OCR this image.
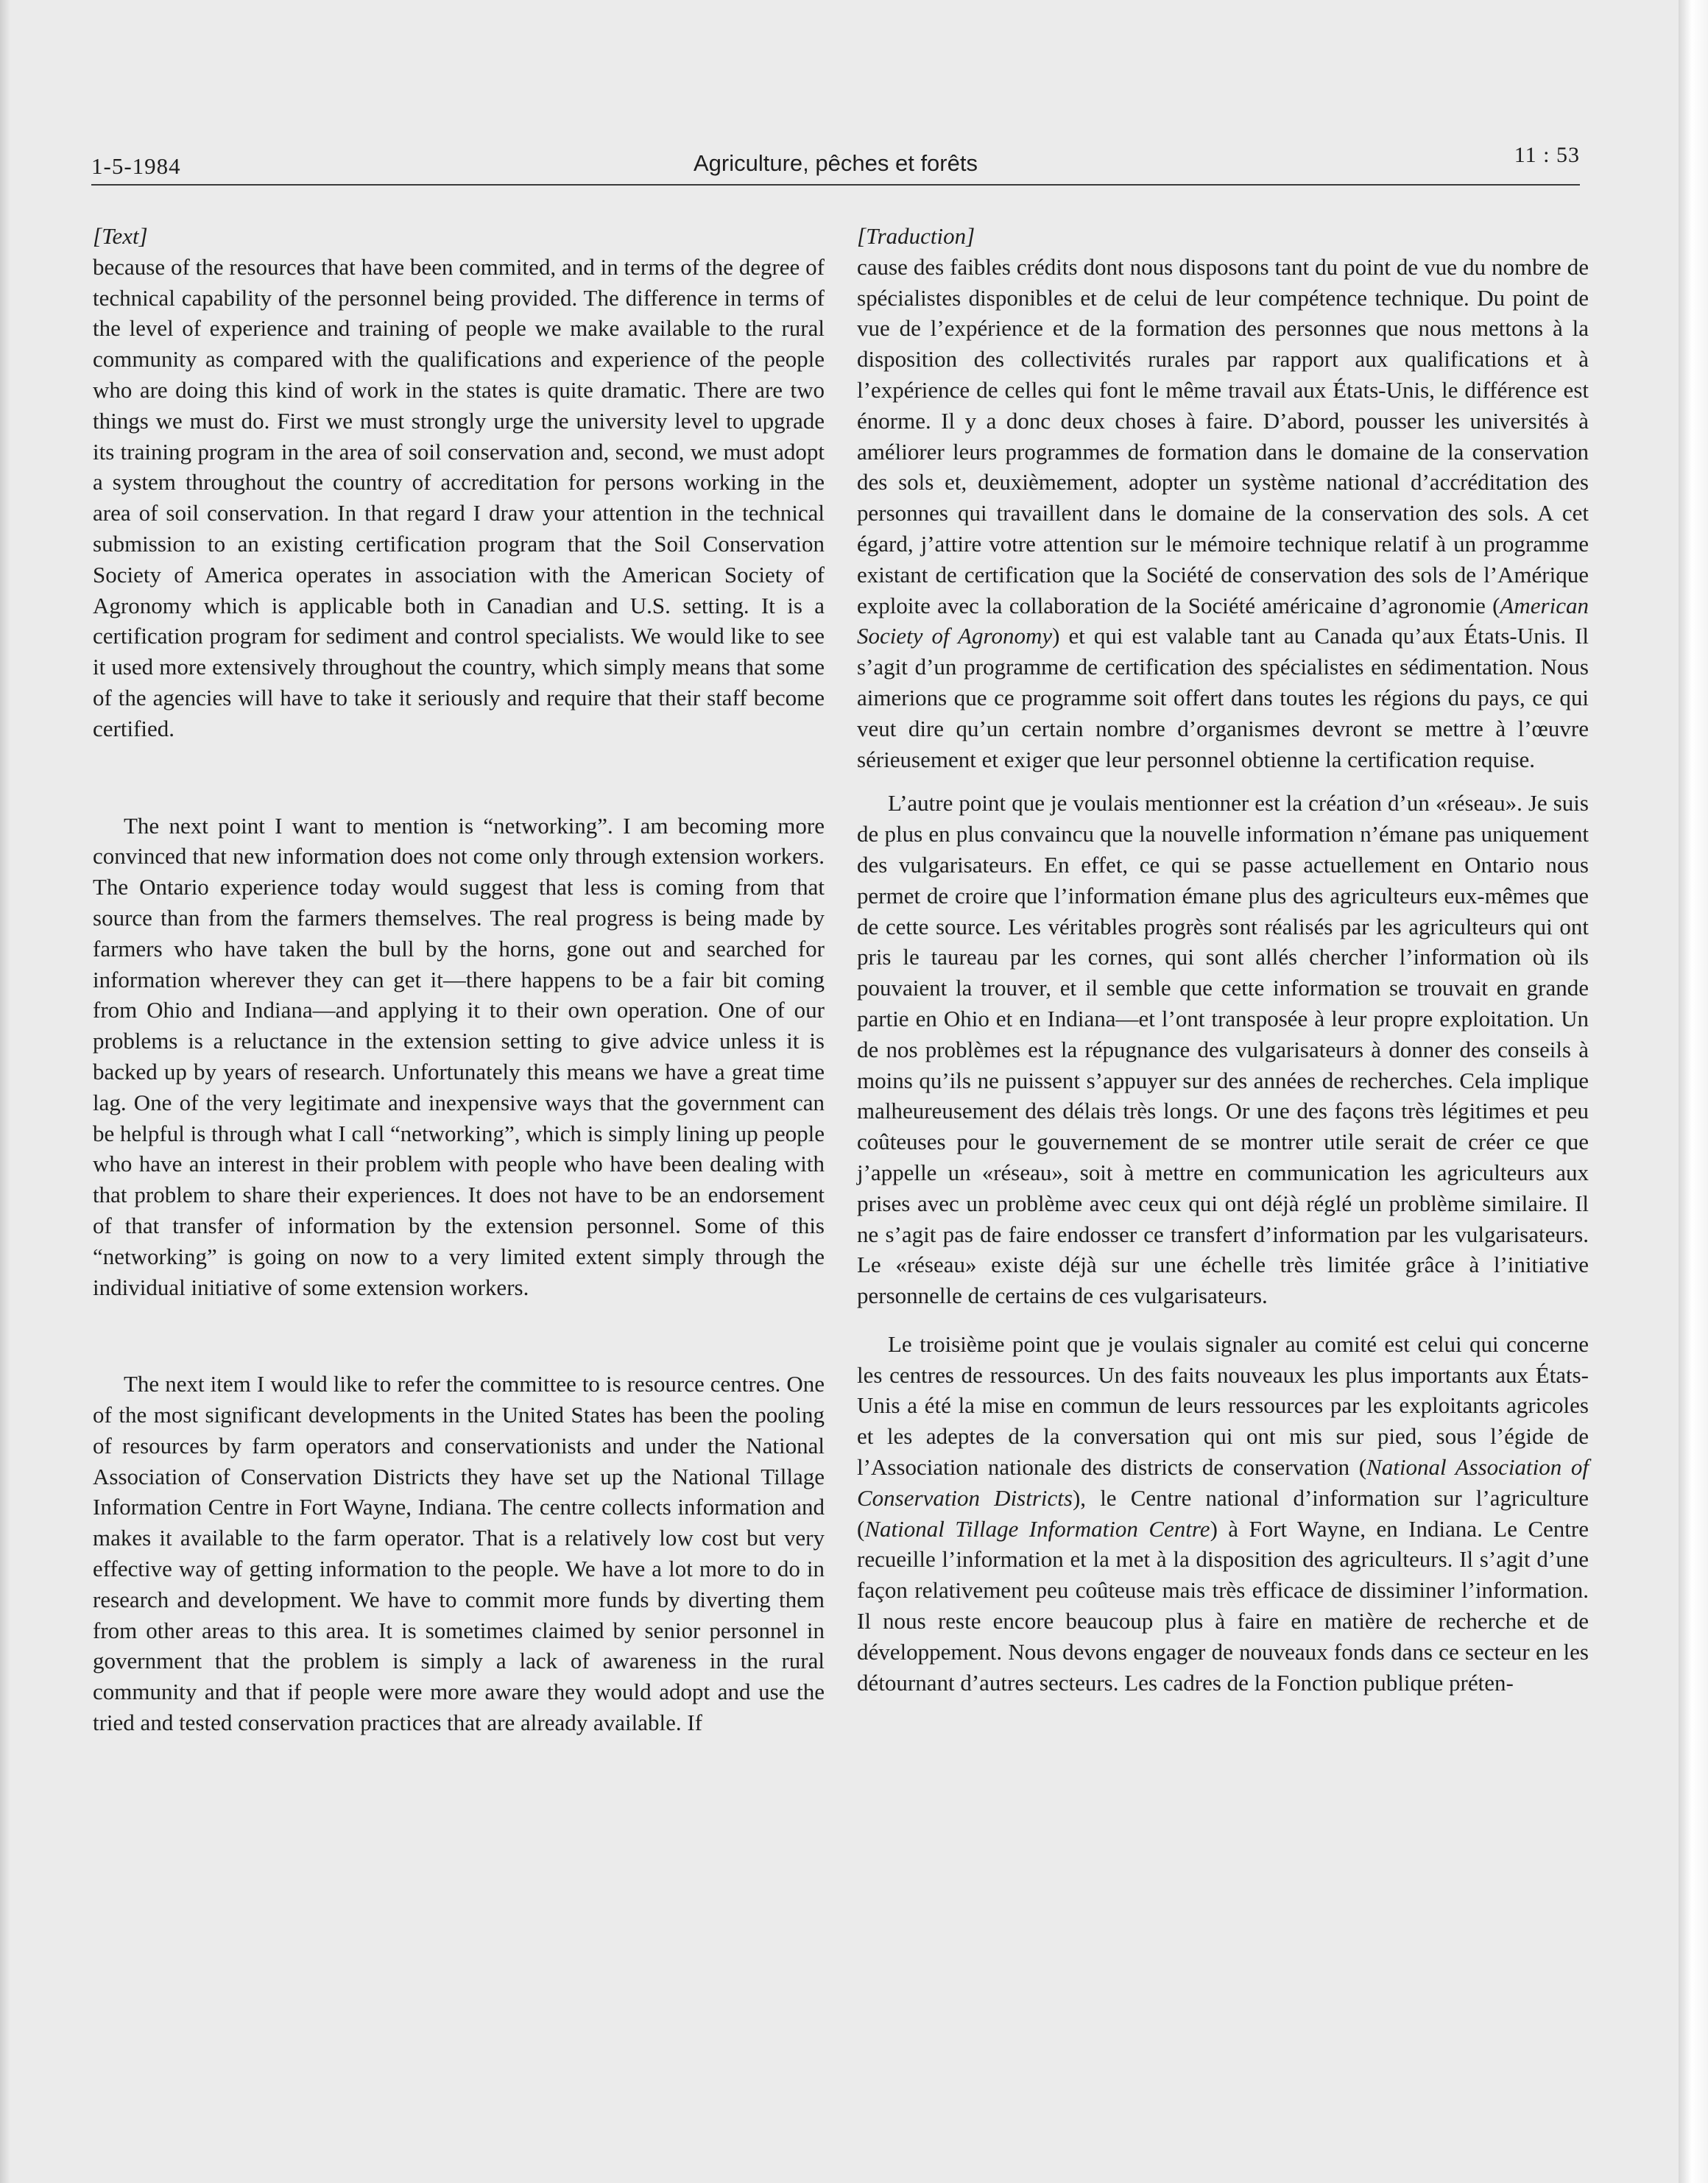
1-5-1984	Agriculture, pêches et forêts	11 : 53

[Text]

because of the resources that have been commited, and in terms of the degree of technical capability of the personnel being provided. The difference in terms of the level of experience and training of people we make available to the rural community as compared with the qualifications and experience of the people who are doing this kind of work in the states is quite dramatic. There are two things we must do. First we must strongly urge the university level to upgrade its training program in the area of soil conservation and, second, we must adopt a system throughout the country of accreditation for persons working in the area of soil conservation. In that regard I draw your attention in the technical submission to an existing certification program that the Soil Conservation Society of America operates in association with the American Society of Agronomy which is applicable both in Canadian and U.S. setting. It is a certification program for sediment and control specialists. We would like to see it used more extensively throughout the country, which simply means that some of the agencies will have to take it seriously and require that their staff become certified.

The next point I want to mention is “networking”. I am becoming more convinced that new information does not come only through extension workers. The Ontario experience today would suggest that less is coming from that source than from the farmers themselves. The real progress is being made by farmers who have taken the bull by the horns, gone out and searched for information wherever they can get it—there happens to be a fair bit coming from Ohio and Indiana—and applying it to their own operation. One of our problems is a reluctance in the extension setting to give advice unless it is backed up by years of research. Unfortunately this means we have a great time lag. One of the very legitimate and inexpensive ways that the government can be helpful is through what I call “networking”, which is simply lining up people who have an interest in their problem with people who have been dealing with that problem to share their experiences. It does not have to be an endorsement of that transfer of information by the extension personnel. Some of this “networking” is going on now to a very limited extent simply through the individual initiative of some extension workers.

The next item I would like to refer the committee to is resource centres. One of the most significant developments in the United States has been the pooling of resources by farm operators and conservationists and under the National Association of Conservation Districts they have set up the National Tillage Information Centre in Fort Wayne, Indiana. The centre collects information and makes it available to the farm operator. That is a relatively low cost but very effective way of getting information to the people. We have a lot more to do in research and development. We have to commit more funds by diverting them from other areas to this area. It is sometimes claimed by senior personnel in government that the problem is simply a lack of awareness in the rural community and that if people were more aware they would adopt and use the tried and tested conservation practices that are already available. If

[Traduction]

cause des faibles crédits dont nous disposons tant du point de vue du nombre de spécialistes disponibles et de celui de leur compétence technique. Du point de vue de l’expérience et de la formation des personnes que nous mettons à la disposition des collectivités rurales par rapport aux qualifications et à l’expérience de celles qui font le même travail aux États-Unis, le différence est énorme. Il y a donc deux choses à faire. D’abord, pousser les universités à améliorer leurs programmes de formation dans le domaine de la conservation des sols et, deuxièmement, adopter un système national d’accréditation des personnes qui travaillent dans le domaine de la conservation des sols. A cet égard, j’attire votre attention sur le mémoire technique relatif à un programme existant de certification que la Société de conservation des sols de l’Amérique exploite avec la collaboration de la Société américaine d’agronomie (American Society of Agronomy) et qui est valable tant au Canada qu’aux États-Unis. Il s’agit d’un programme de certification des spécialistes en sédimentation. Nous aimerions que ce programme soit offert dans toutes les régions du pays, ce qui veut dire qu’un certain nombre d’organismes devront se mettre à l’œuvre sérieusement et exiger que leur personnel obtienne la certification requise.

L’autre point que je voulais mentionner est la création d’un «réseau». Je suis de plus en plus convaincu que la nouvelle information n’émane pas uniquement des vulgarisateurs. En effet, ce qui se passe actuellement en Ontario nous permet de croire que l’information émane plus des agriculteurs eux-mêmes que de cette source. Les véritables progrès sont réalisés par les agriculteurs qui ont pris le taureau par les cornes, qui sont allés chercher l’information où ils pouvaient la trouver, et il semble que cette information se trouvait en grande partie en Ohio et en Indiana—et l’ont transposée à leur propre exploitation. Un de nos problèmes est la répugnance des vulgarisateurs à donner des conseils à moins qu’ils ne puissent s’appuyer sur des années de recherches. Cela implique malheureusement des délais très longs. Or une des façons très légitimes et peu coûteuses pour le gouvernement de se montrer utile serait de créer ce que j’appelle un «réseau», soit à mettre en communication les agriculteurs aux prises avec un problème avec ceux qui ont déjà réglé un problème similaire. Il ne s’agit pas de faire endosser ce transfert d’information par les vulgarisateurs. Le «réseau» existe déjà sur une échelle très limitée grâce à l’initiative personnelle de certains de ces vulgarisateurs.

Le troisième point que je voulais signaler au comité est celui qui concerne les centres de ressources. Un des faits nouveaux les plus importants aux États-Unis a été la mise en commun de leurs ressources par les exploitants agricoles et les adeptes de la conversation qui ont mis sur pied, sous l’égide de l’Association nationale des districts de conservation (National Association of Conservation Districts), le Centre national d’information sur l’agriculture (National Tillage Information Centre) à Fort Wayne, en Indiana. Le Centre recueille l’information et la met à la disposition des agriculteurs. Il s’agit d’une façon relativement peu coûteuse mais très efficace de dissiminer l’information. Il nous reste encore beaucoup plus à faire en matière de recherche et de développement. Nous devons engager de nouveaux fonds dans ce secteur en les détournant d’autres secteurs. Les cadres de la Fonction publique préten-
